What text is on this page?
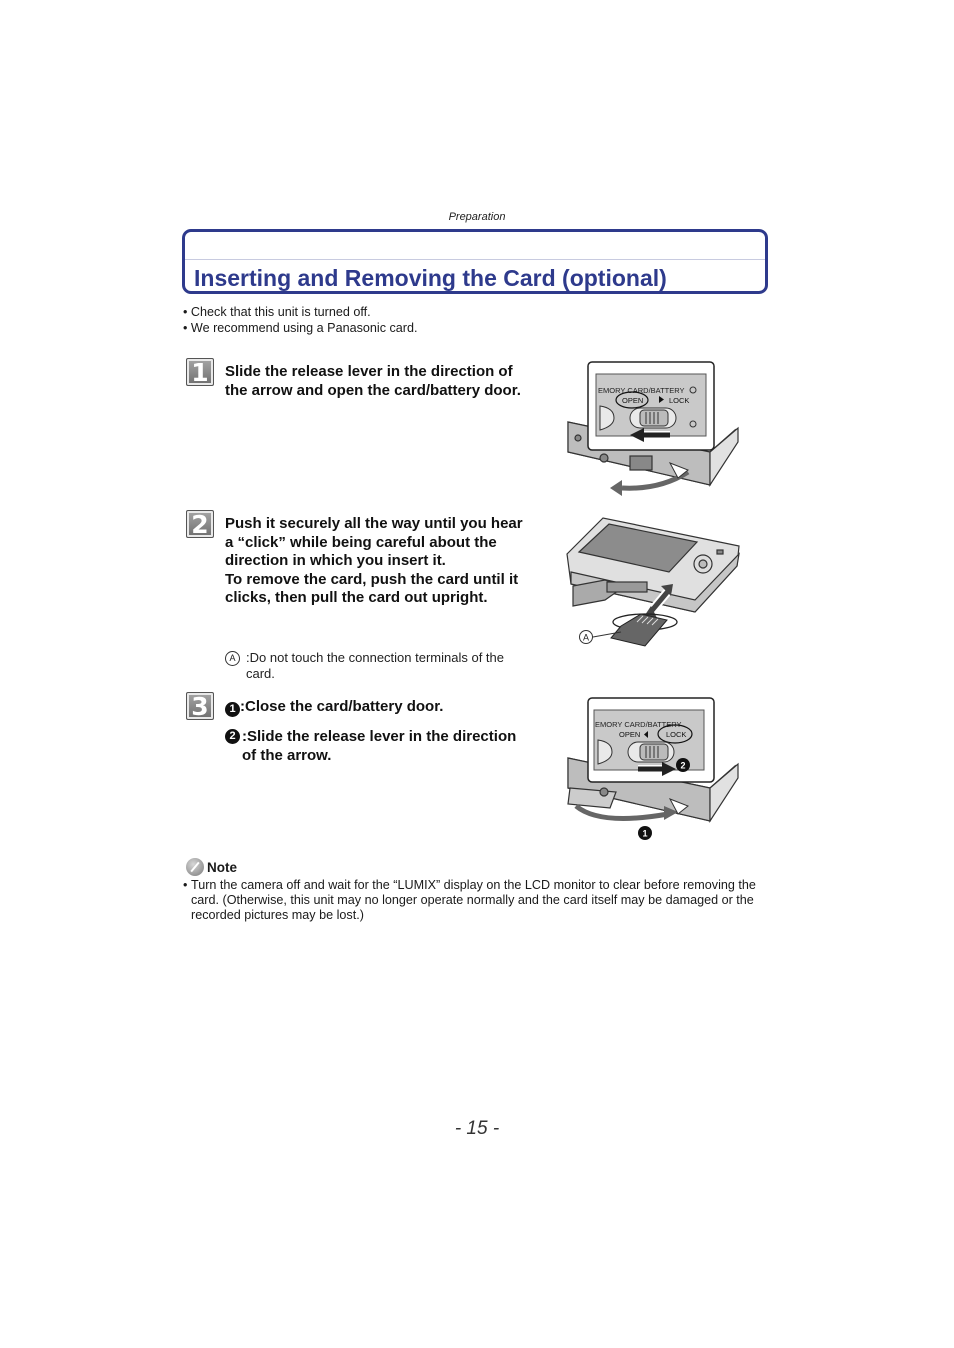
Preparation
Inserting and Removing the Card (optional)
• Check that this unit is turned off.
• We recommend using a Panasonic card.
1	Slide the release lever in the direction of the arrow and open the card/battery door.
2	Push it securely all the way until you hear a “click” while being careful about the direction in which you insert it.
To remove the card, push the card until it clicks, then pull the card out upright.
A :Do not touch the connection terminals of the card.
3	1 :Close the card/battery door.
2 :Slide the release lever in the direction of the arrow.
EMORY CARD/BATTERY
OPEN	LOCK
A
EMORY CARD/BATTERY
OPEN	LOCK
2
1
Note
• Turn the camera off and wait for the “LUMIX” display on the LCD monitor to clear before removing the card. (Otherwise, this unit may no longer operate normally and the card itself may be damaged or the recorded pictures may be lost.)
- 15 -
